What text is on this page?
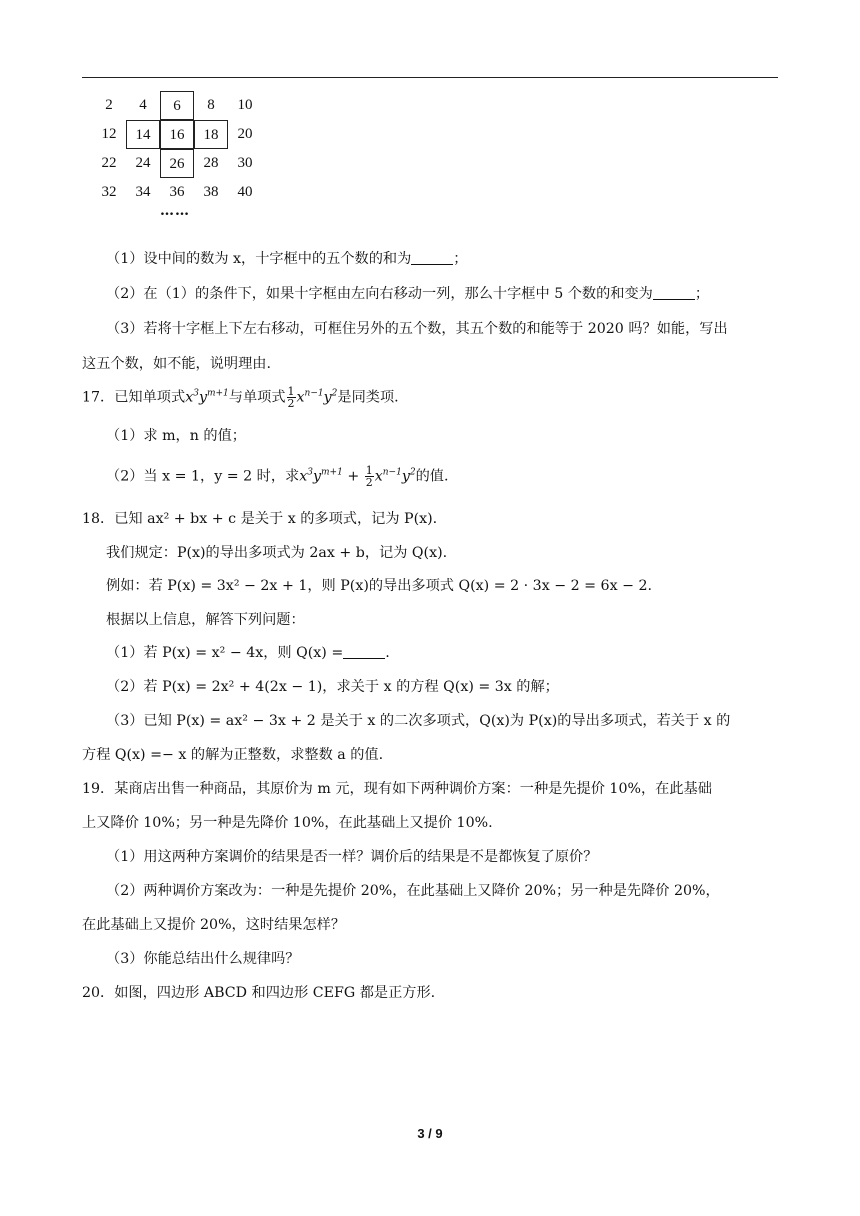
2	4	6	8	10
12	14	16	18	20
22	24	26	28	30
32	34	36	38	40
……
（1）设中间的数为 x，十字框中的五个数的和为	；
（2）在（1）的条件下，如果十字框由左向右移动一列，那么十字框中 5 个数的和变为	；
（3）若将十字框上下左右移动，可框住另外的五个数，其五个数的和能等于 2020 吗？如能，写出
这五个数，如不能，说明理由.
17．已知单项式$x^3y^{m+1}$与单项式 $\frac{1}{2} x^{n-1}y^2$是同类项.
（1）求 m，n 的值；
（2）当 x = 1，y = 2 时，求$x^3y^{m+1} + \frac{1}{2} x^{n-1}y^2$的值.
18．已知 ax² + bx + c 是关于 x 的多项式，记为 P(x).
我们规定：P(x)的导出多项式为 2ax + b，记为 Q(x).
例如：若 P(x) = 3x² − 2x + 1，则 P(x)的导出多项式 Q(x) = 2 · 3x − 2 = 6x − 2.
根据以上信息，解答下列问题：
（1）若 P(x) = x² − 4x，则 Q(x) =	.
（2）若 P(x) = 2x² + 4(2x − 1)，求关于 x 的方程 Q(x) = 3x 的解；
（3）已知 P(x) = ax² − 3x + 2 是关于 x 的二次多项式，Q(x)为 P(x)的导出多项式，若关于 x 的
方程 Q(x) =− x 的解为正整数，求整数 a 的值.
19．某商店出售一种商品，其原价为 m 元，现有如下两种调价方案：一种是先提价 10%，在此基础
上又降价 10%；另一种是先降价 10%，在此基础上又提价 10%.
（1）用这两种方案调价的结果是否一样？调价后的结果是不是都恢复了原价？
（2）两种调价方案改为：一种是先提价 20%，在此基础上又降价 20%；另一种是先降价 20%，
在此基础上又提价 20%，这时结果怎样？
（3）你能总结出什么规律吗？
20．如图，四边形 ABCD 和四边形 CEFG 都是正方形.
3 / 9
